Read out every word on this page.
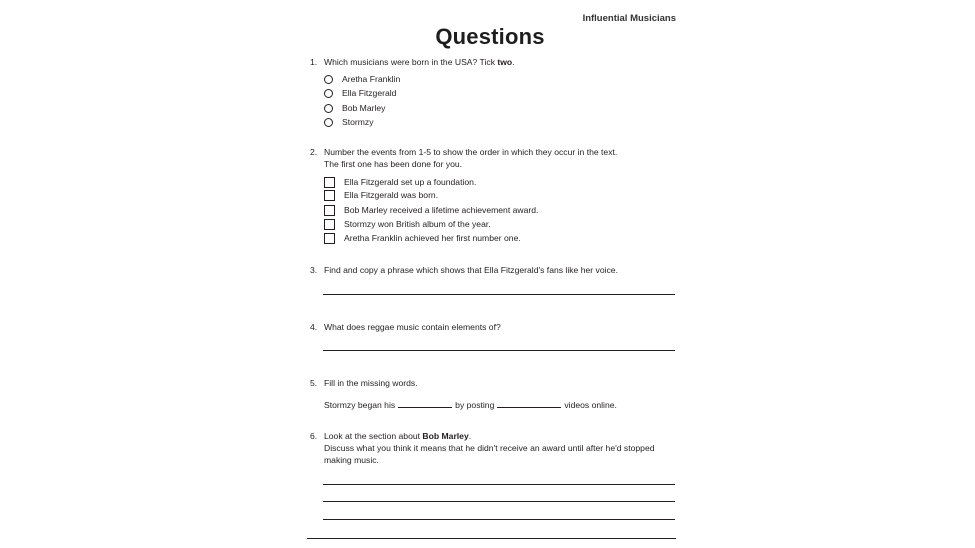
Influential Musicians
Questions
1. Which musicians were born in the USA? Tick two.
Aretha Franklin
Ella Fitzgerald
Bob Marley
Stormzy
2. Number the events from 1-5 to show the order in which they occur in the text.
The first one has been done for you.
Ella Fitzgerald set up a foundation.
Ella Fitzgerald was born.
Bob Marley received a lifetime achievement award.
Stormzy won British album of the year.
Aretha Franklin achieved her first number one.
3. Find and copy a phrase which shows that Ella Fitzgerald's fans like her voice.
4. What does reggae music contain elements of?
5. Fill in the missing words.
Stormzy began his	by posting	videos online.
6. Look at the section about Bob Marley.
Discuss what you think it means that he didn't receive an award until after he'd stopped
making music.
